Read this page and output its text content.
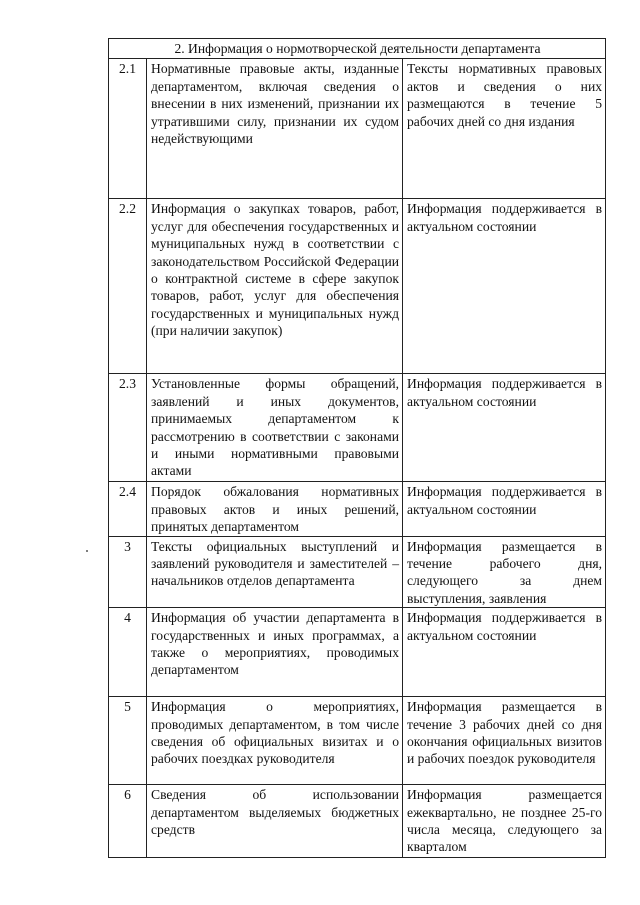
2. Информация о нормотворческой деятельности департамента		
2.1	Нормативные правовые акты, изданные департаментом, включая сведения о внесении в них изменений, признании их утратившими силу, признании их судом недействующими	Тексты нормативных правовых актов и сведения о них размещаются в течение 5 рабочих дней со дня издания
2.2	Информация о закупках товаров, работ, услуг для обеспечения государственных и муниципальных нужд в соответствии с законодательством Российской Федерации о контрактной системе в сфере закупок товаров, работ, услуг для обеспечения государственных и муниципальных нужд (при наличии закупок)	Информация поддерживается в актуальном состоянии
2.3	Установленные формы обращений, заявлений и иных документов, принимаемых департаментом к рассмотрению в соответствии с законами и иными нормативными правовыми актами	Информация поддерживается в актуальном состоянии
2.4	Порядок обжалования нормативных правовых актов и иных решений, принятых департаментом	Информация поддерживается в актуальном состоянии
3	Тексты официальных выступлений и заявлений руководителя и заместителей – начальников отделов департамента	Информация размещается в течение рабочего дня, следующего за днем выступления, заявления
4	Информация об участии департамента в государственных и иных программах, а также о мероприятиях, проводимых департаментом	Информация поддерживается в актуальном состоянии
5	Информация о мероприятиях, проводимых департаментом, в том числе сведения об официальных визитах и о рабочих поездках руководителя	Информация размещается в течение 3 рабочих дней со дня окончания официальных визитов и рабочих поездок руководителя
6	Сведения об использовании департаментом выделяемых бюджетных средств	Информация размещается ежеквартально, не позднее 25-го числа месяца, следующего за кварталом
